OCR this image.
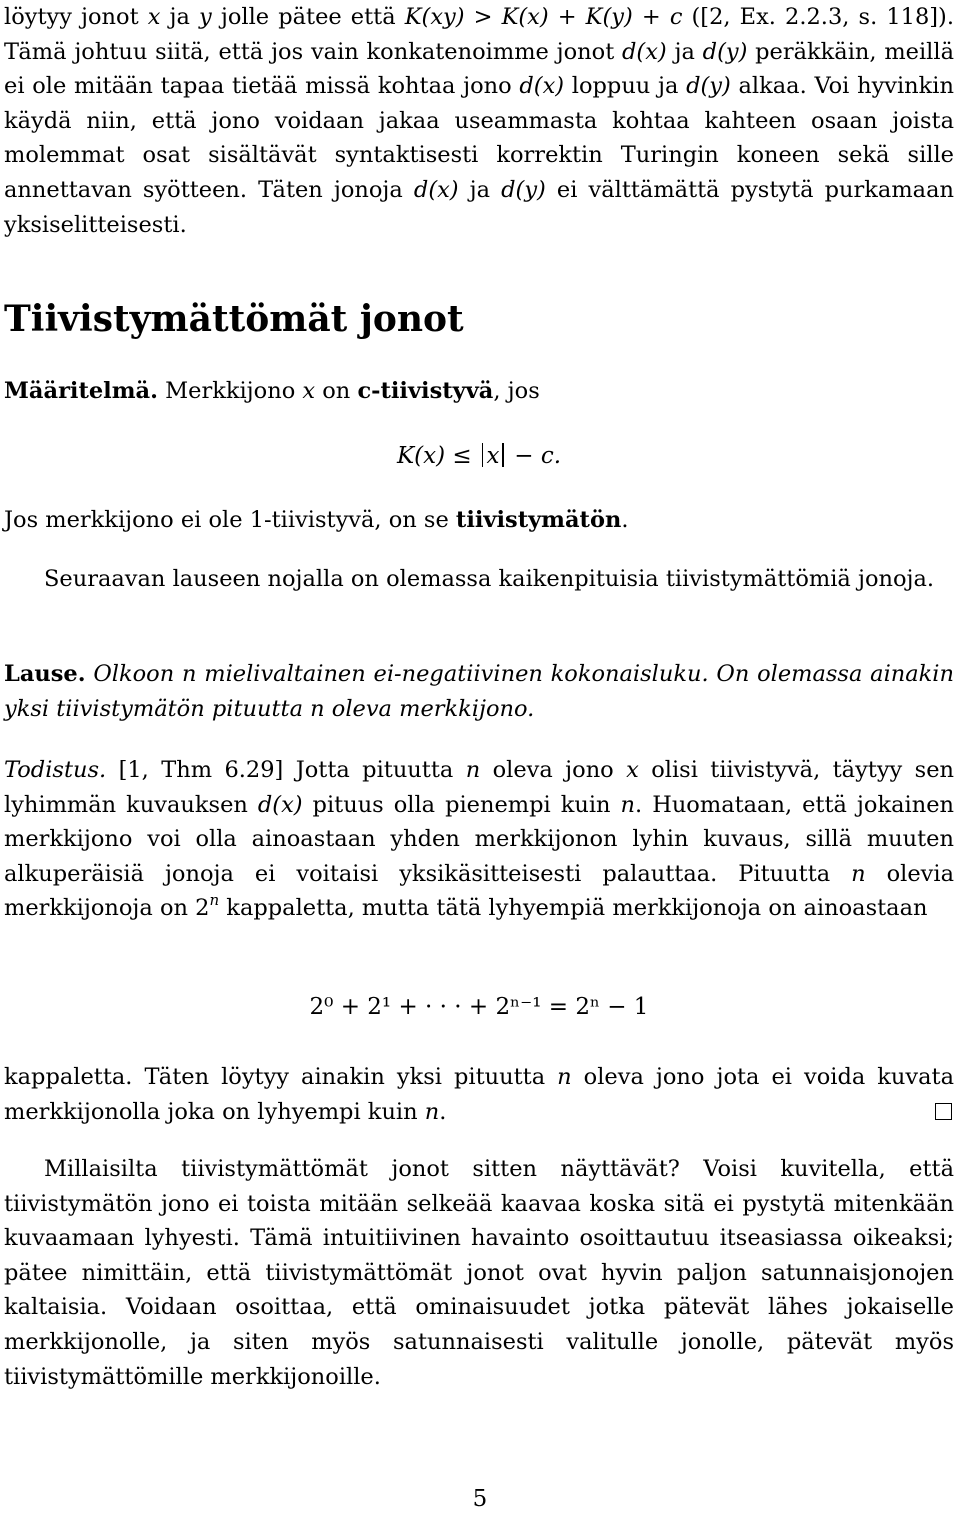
löytyy jonot x ja y jolle pätee että K(xy) > K(x) + K(y) + c ([2, Ex. 2.2.3, s. 118]). Tämä johtuu siitä, että jos vain konkatenoimme jonot d(x) ja d(y) peräkkäin, meillä ei ole mitään tapaa tietää missä kohtaa jono d(x) loppuu ja d(y) alkaa. Voi hyvinkin käydä niin, että jono voidaan jakaa useammasta kohtaa kahteen osaan joista molemmat osat sisältävät syntaktisesti korrektin Turingin koneen sekä sille annettavan syötteen. Täten jonoja d(x) ja d(y) ei välttämättä pystytä purkamaan yksiselitteisesti.

Tiivistymättömät jonot

Määritelmä. Merkkijono x on c-tiivistyvä, jos

K(x) ≤ x − c.

Jos merkkijono ei ole 1-tiivistyvä, on se tiivistymätön.

Seuraavan lauseen nojalla on olemassa kaikenpituisia tiivistymättömiä jonoja.

Lause. Olkoon n mielivaltainen ei-negatiivinen kokonaisluku. On olemassa ainakin yksi tiivistymätön pituutta n oleva merkkijono.

Todistus. [1, Thm 6.29] Jotta pituutta n oleva jono x olisi tiivistyvä, täytyy sen lyhimmän kuvauksen d(x) pituus olla pienempi kuin n. Huomataan, että jokainen merkkijono voi olla ainoastaan yhden merkkijonon lyhin kuvaus, sillä muuten alkuperäisiä jonoja ei voitaisi yksikäsitteisesti palauttaa. Pituutta n olevia merkkijonoja on 2$^n$ kappaletta, mutta tätä lyhyempiä merkkijonoja on ainoastaan

2⁰ + 2¹ + · · · + 2ⁿ⁻¹ = 2ⁿ − 1

kappaletta. Täten löytyy ainakin yksi pituutta n oleva jono jota ei voida kuvata merkkijonolla joka on lyhyempi kuin n.

Millaisilta tiivistymättömät jonot sitten näyttävät? Voisi kuvitella, että tiivistymätön jono ei toista mitään selkeää kaavaa koska sitä ei pystytä mitenkään kuvaamaan lyhyesti. Tämä intuitiivinen havainto osoittautuu itseasiassa oikeaksi; pätee nimittäin, että tiivistymättömät jonot ovat hyvin paljon satunnaisjonojen kaltaisia. Voidaan osoittaa, että ominaisuudet jotka pätevät lähes jokaiselle merkkijonolle, ja siten myös satunnaisesti valitulle jonolle, pätevät myös tiivistymättömille merkkijonoille.

5
